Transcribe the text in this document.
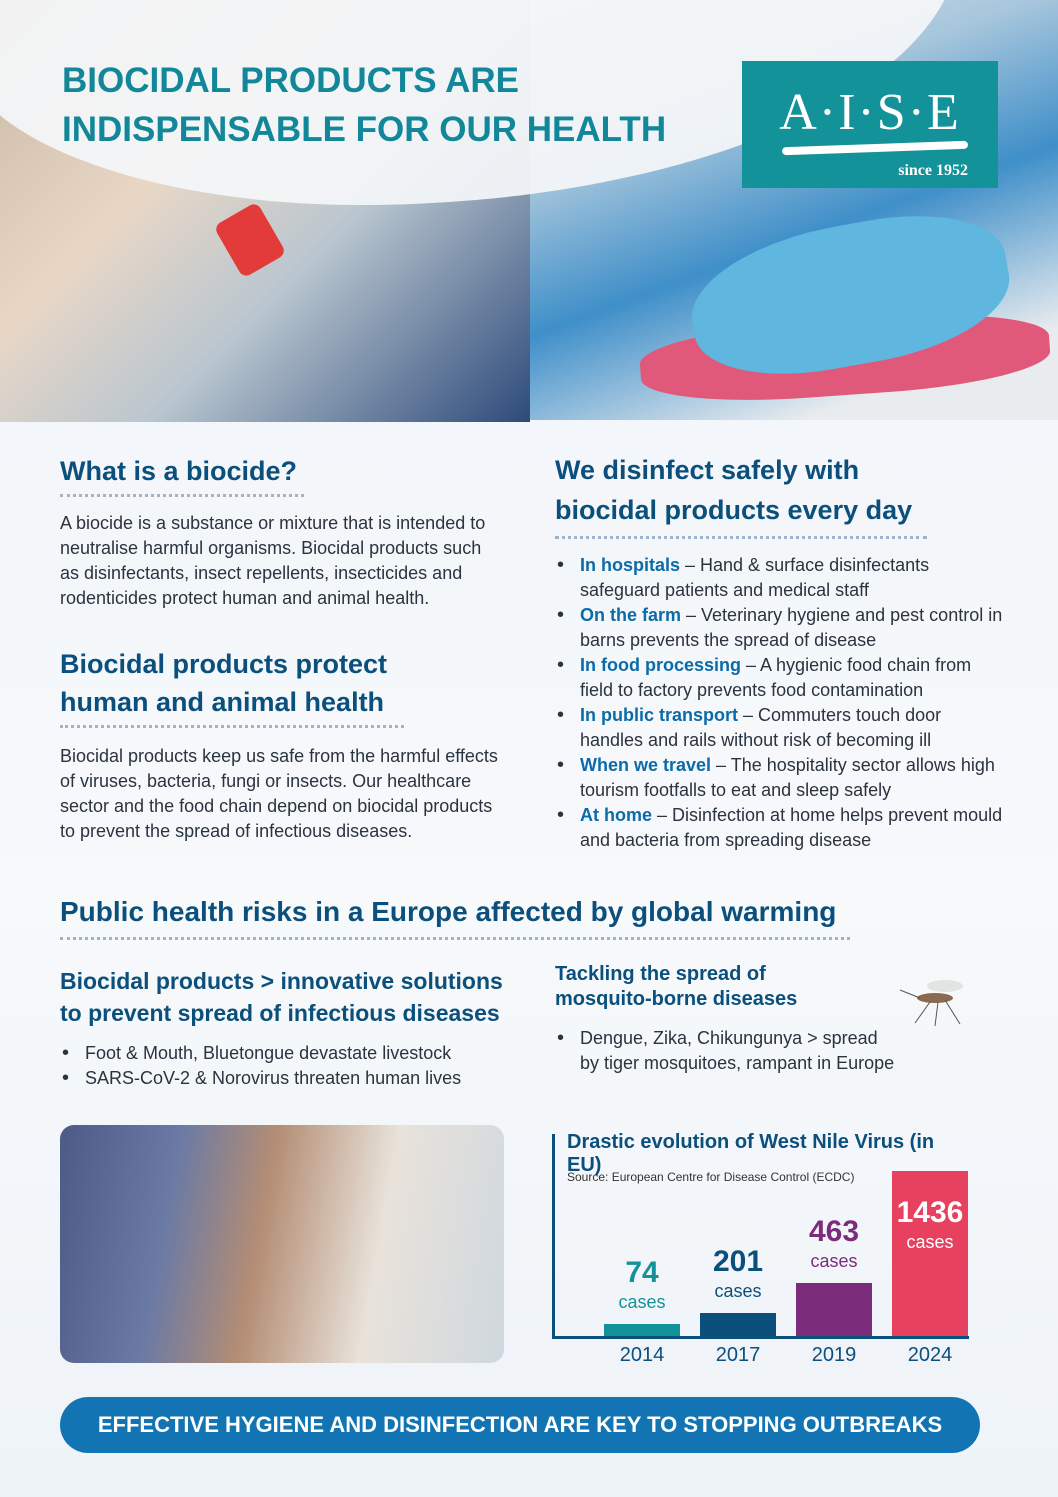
BIOCIDAL PRODUCTS ARE
INDISPENSABLE FOR OUR HEALTH	A·I·S·E
since 1952
What is a biocide?

A biocide is a substance or mixture that is intended to neutralise harmful organisms. Biocidal products such as disinfectants, insect repellents, insecticides and rodenticides protect human and animal health.

Biocidal products protect
human and animal health

Biocidal products keep us safe from the harmful effects of viruses, bacteria, fungi or insects. Our healthcare sector and the food chain depend on biocidal products to prevent the spread of infectious diseases.

We disinfect safely with
biocidal products every day
• In hospitals – Hand & surface disinfectants safeguard patients and medical staff
• On the farm – Veterinary hygiene and pest control in barns prevents the spread of disease
• In food processing – A hygienic food chain from field to factory prevents food contamination
• In public transport – Commuters touch door handles and rails without risk of becoming ill
• When we travel – The hospitality sector allows high tourism footfalls to eat and sleep safely
• At home – Disinfection at home helps prevent mould and bacteria from spreading disease
Public health risks in a Europe affected by global warming
Biocidal products > innovative solutions
to prevent spread of infectious diseases
• Foot & Mouth, Bluetongue devastate livestock
• SARS-CoV-2 & Norovirus threaten human lives
Tackling the spread of
mosquito-borne diseases
• Dengue, Zika, Chikungunya > spread by tiger mosquitoes, rampant in Europe
Drastic evolution of West Nile Virus (in EU)
Source: European Centre for Disease Control (ECDC)
74
cases
2014
201
cases
2017
463
cases
2019
1436
cases
2024
EFFECTIVE HYGIENE AND DISINFECTION ARE KEY TO STOPPING OUTBREAKS
